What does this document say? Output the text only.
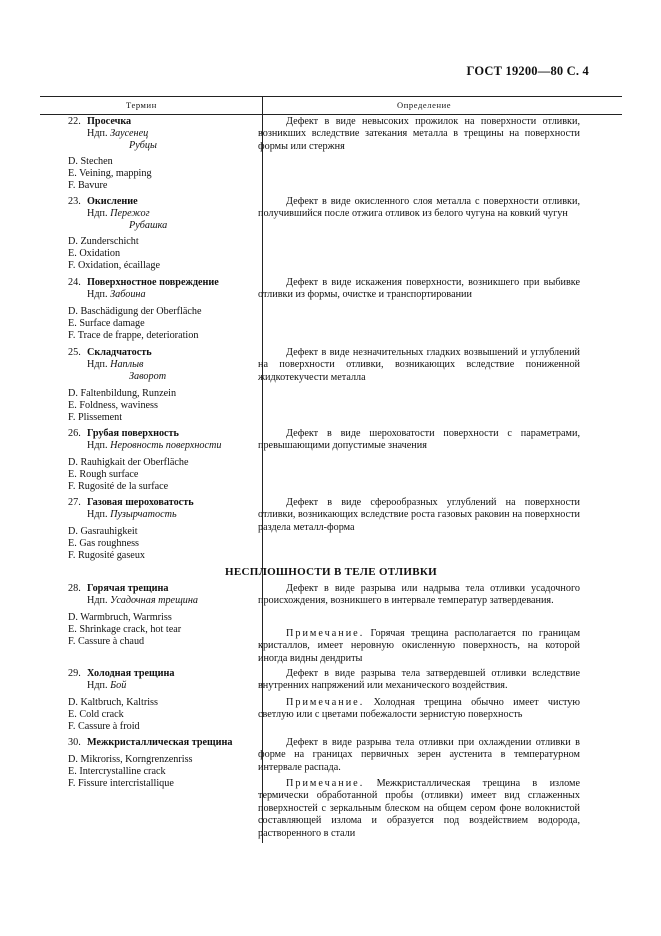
ГОСТ 19200—80 С. 4
Термин	Определение
22. Просечка
Ндп. Заусенец
Рубцы
D. Stechen
E. Veining, mapping
F. Bavure
Дефект в виде невысоких прожилок на поверхности отливки, возникших вследствие затекания металла в трещины на поверхности формы или стержня
23. Окисление
Ндп. Пережог
Рубашка
D. Zunderschicht
E. Oxidation
F. Oxidation, écaillage
Дефект в виде окисленного слоя металла с поверхности отливки, получившийся после отжига отливок из белого чугуна на ковкий чугун
24. Поверхностное повреждение
Ндп. Забоина
D. Baschädigung der Oberfläche
E. Surface damage
F. Trace de frappe, deterioration
Дефект в виде искажения поверхности, возникшего при выбивке отливки из формы, очистке и транспортировании
25. Складчатость
Ндп. Наплыв
Заворот
D. Faltenbildung, Runzein
E. Foldness, waviness
F. Plissement
Дефект в виде незначительных гладких возвышений и углублений на поверхности отливки, возникающих вследствие пониженной жидкотекучести металла
26. Грубая поверхность
Ндп. Неровность поверхности
D. Rauhigkait der Oberfläche
E. Rough surface
F. Rugosité de la surface
Дефект в виде шероховатости поверхности с параметрами, превышающими допустимые значения
27. Газовая шероховатость
Ндп. Пузырчатость
D. Gasrauhigkeit
E. Gas roughness
F. Rugosité gaseux
Дефект в виде сферообразных углублений на поверхности отливки, возникающих вследствие роста газовых раковин на поверхности раздела металл-форма
НЕСПЛОШНОСТИ В ТЕЛЕ ОТЛИВКИ
28. Горячая трещина
Ндп. Усадочная трещина
D. Warmbruch, Warmriss
E. Shrinkage crack, hot tear
F. Cassure à chaud
Дефект в виде разрыва или надрыва тела отливки усадочного происхождения, возникшего в интервале температур затвердевания.
Примечание. Горячая трещина располагается по границам кристаллов, имеет неровную окисленную поверхность, на которой иногда видны дендриты
29. Холодная трещина
Ндп. Бой
D. Kaltbruch, Kaltriss
E. Cold crack
F. Cassure à froid
Дефект в виде разрыва тела затвердевшей отливки вследствие внутренних напряжений или механического воздействия.
Примечание. Холодная трещина обычно имеет чистую светлую или с цветами побежалости зернистую поверхность
30. Межкристаллическая трещина
D. Mikroriss, Korngrenzenriss
E. Intercrystalline crack
F. Fissure intercristallique
Дефект в виде разрыва тела отливки при охлаждении отливки в форме на границах первичных зерен аустенита в температурном интервале распада.
Примечание. Межкристаллическая трещина в изломе термически обработанной пробы (отливки) имеет вид сглаженных поверхностей с зеркальным блеском на общем сером фоне волокнистой составляющей излома и образуется под воздействием водорода, растворенного в стали
